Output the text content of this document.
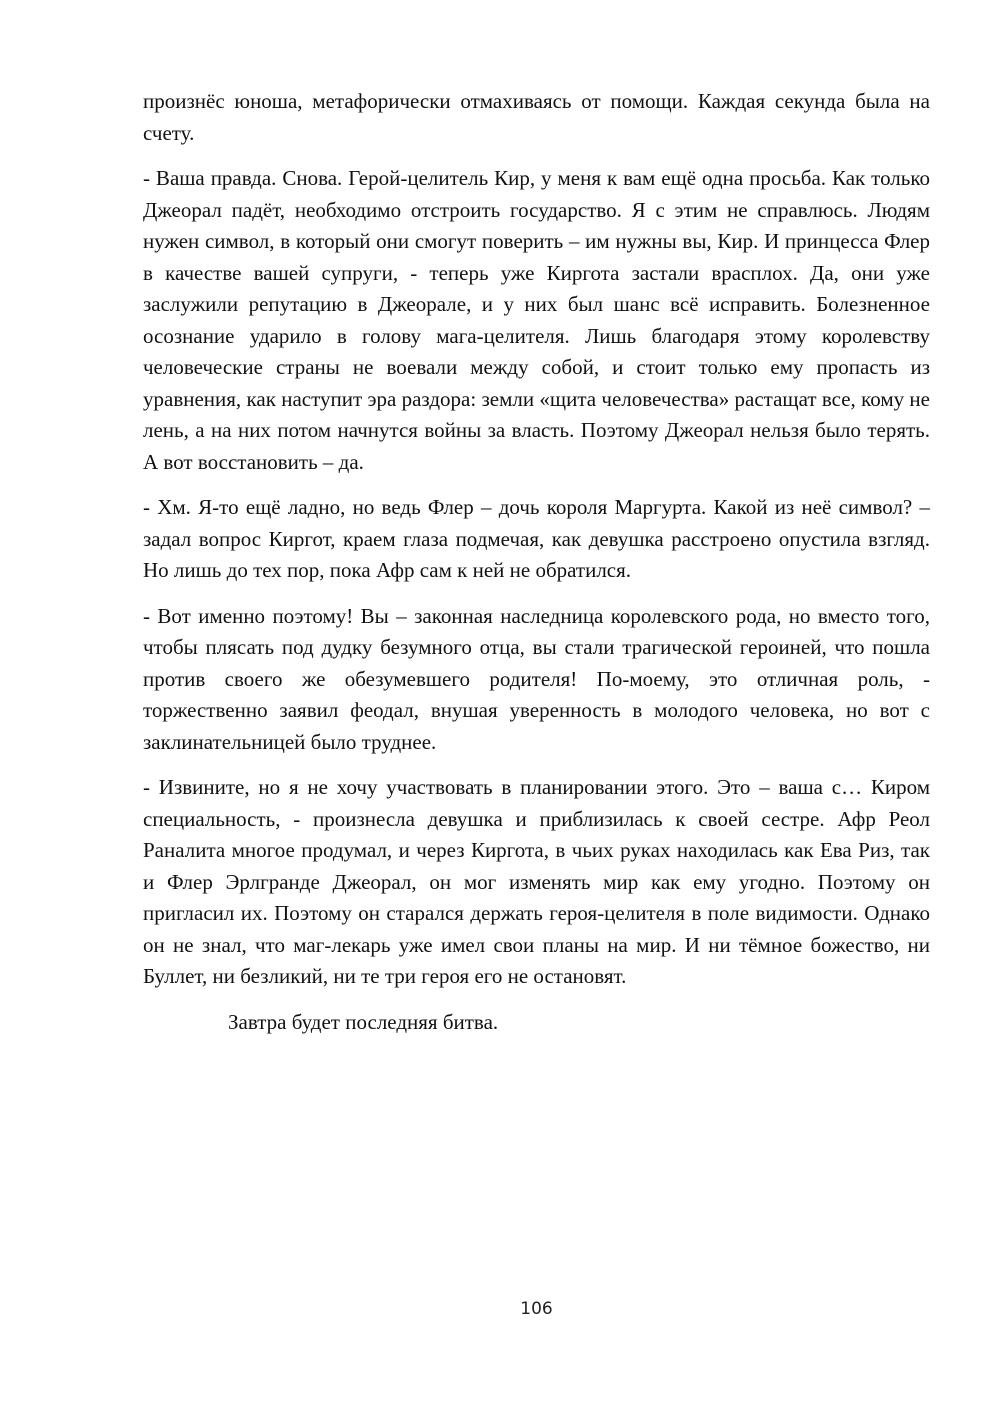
произнёс юноша, метафорически отмахиваясь от помощи. Каждая секунда была на счету.

- Ваша правда. Снова. Герой-целитель Кир, у меня к вам ещё одна просьба. Как только Джеорал падёт, необходимо отстроить государство. Я с этим не справлюсь. Людям нужен символ, в который они смогут поверить – им нужны вы, Кир. И принцесса Флер в качестве вашей супруги, - теперь уже Киргота застали врасплох. Да, они уже заслужили репутацию в Джеорале, и у них был шанс всё исправить. Болезненное осознание ударило в голову мага-целителя. Лишь благодаря этому королевству человеческие страны не воевали между собой, и стоит только ему пропасть из уравнения, как наступит эра раздора: земли «щита человечества» растащат все, кому не лень, а на них потом начнутся войны за власть. Поэтому Джеорал нельзя было терять. А вот восстановить – да.

- Хм. Я-то ещё ладно, но ведь Флер – дочь короля Маргурта. Какой из неё символ? – задал вопрос Киргот, краем глаза подмечая, как девушка расстроено опустила взгляд. Но лишь до тех пор, пока Афр сам к ней не обратился.

- Вот именно поэтому! Вы – законная наследница королевского рода, но вместо того, чтобы плясать под дудку безумного отца, вы стали трагической героиней, что пошла против своего же обезумевшего родителя! По-моему, это отличная роль, - торжественно заявил феодал, внушая уверенность в молодого человека, но вот с заклинательницей было труднее.

- Извините, но я не хочу участвовать в планировании этого. Это – ваша с… Киром специальность, - произнесла девушка и приблизилась к своей сестре. Афр Реол Раналита многое продумал, и через Киргота, в чьих руках находилась как Ева Риз, так и Флер Эрлгранде Джеорал, он мог изменять мир как ему угодно. Поэтому он пригласил их. Поэтому он старался держать героя-целителя в поле видимости. Однако он не знал, что маг-лекарь уже имел свои планы на мир. И ни тёмное божество, ни Буллет, ни безликий, ни те три героя его не остановят.

Завтра будет последняя битва.

106
